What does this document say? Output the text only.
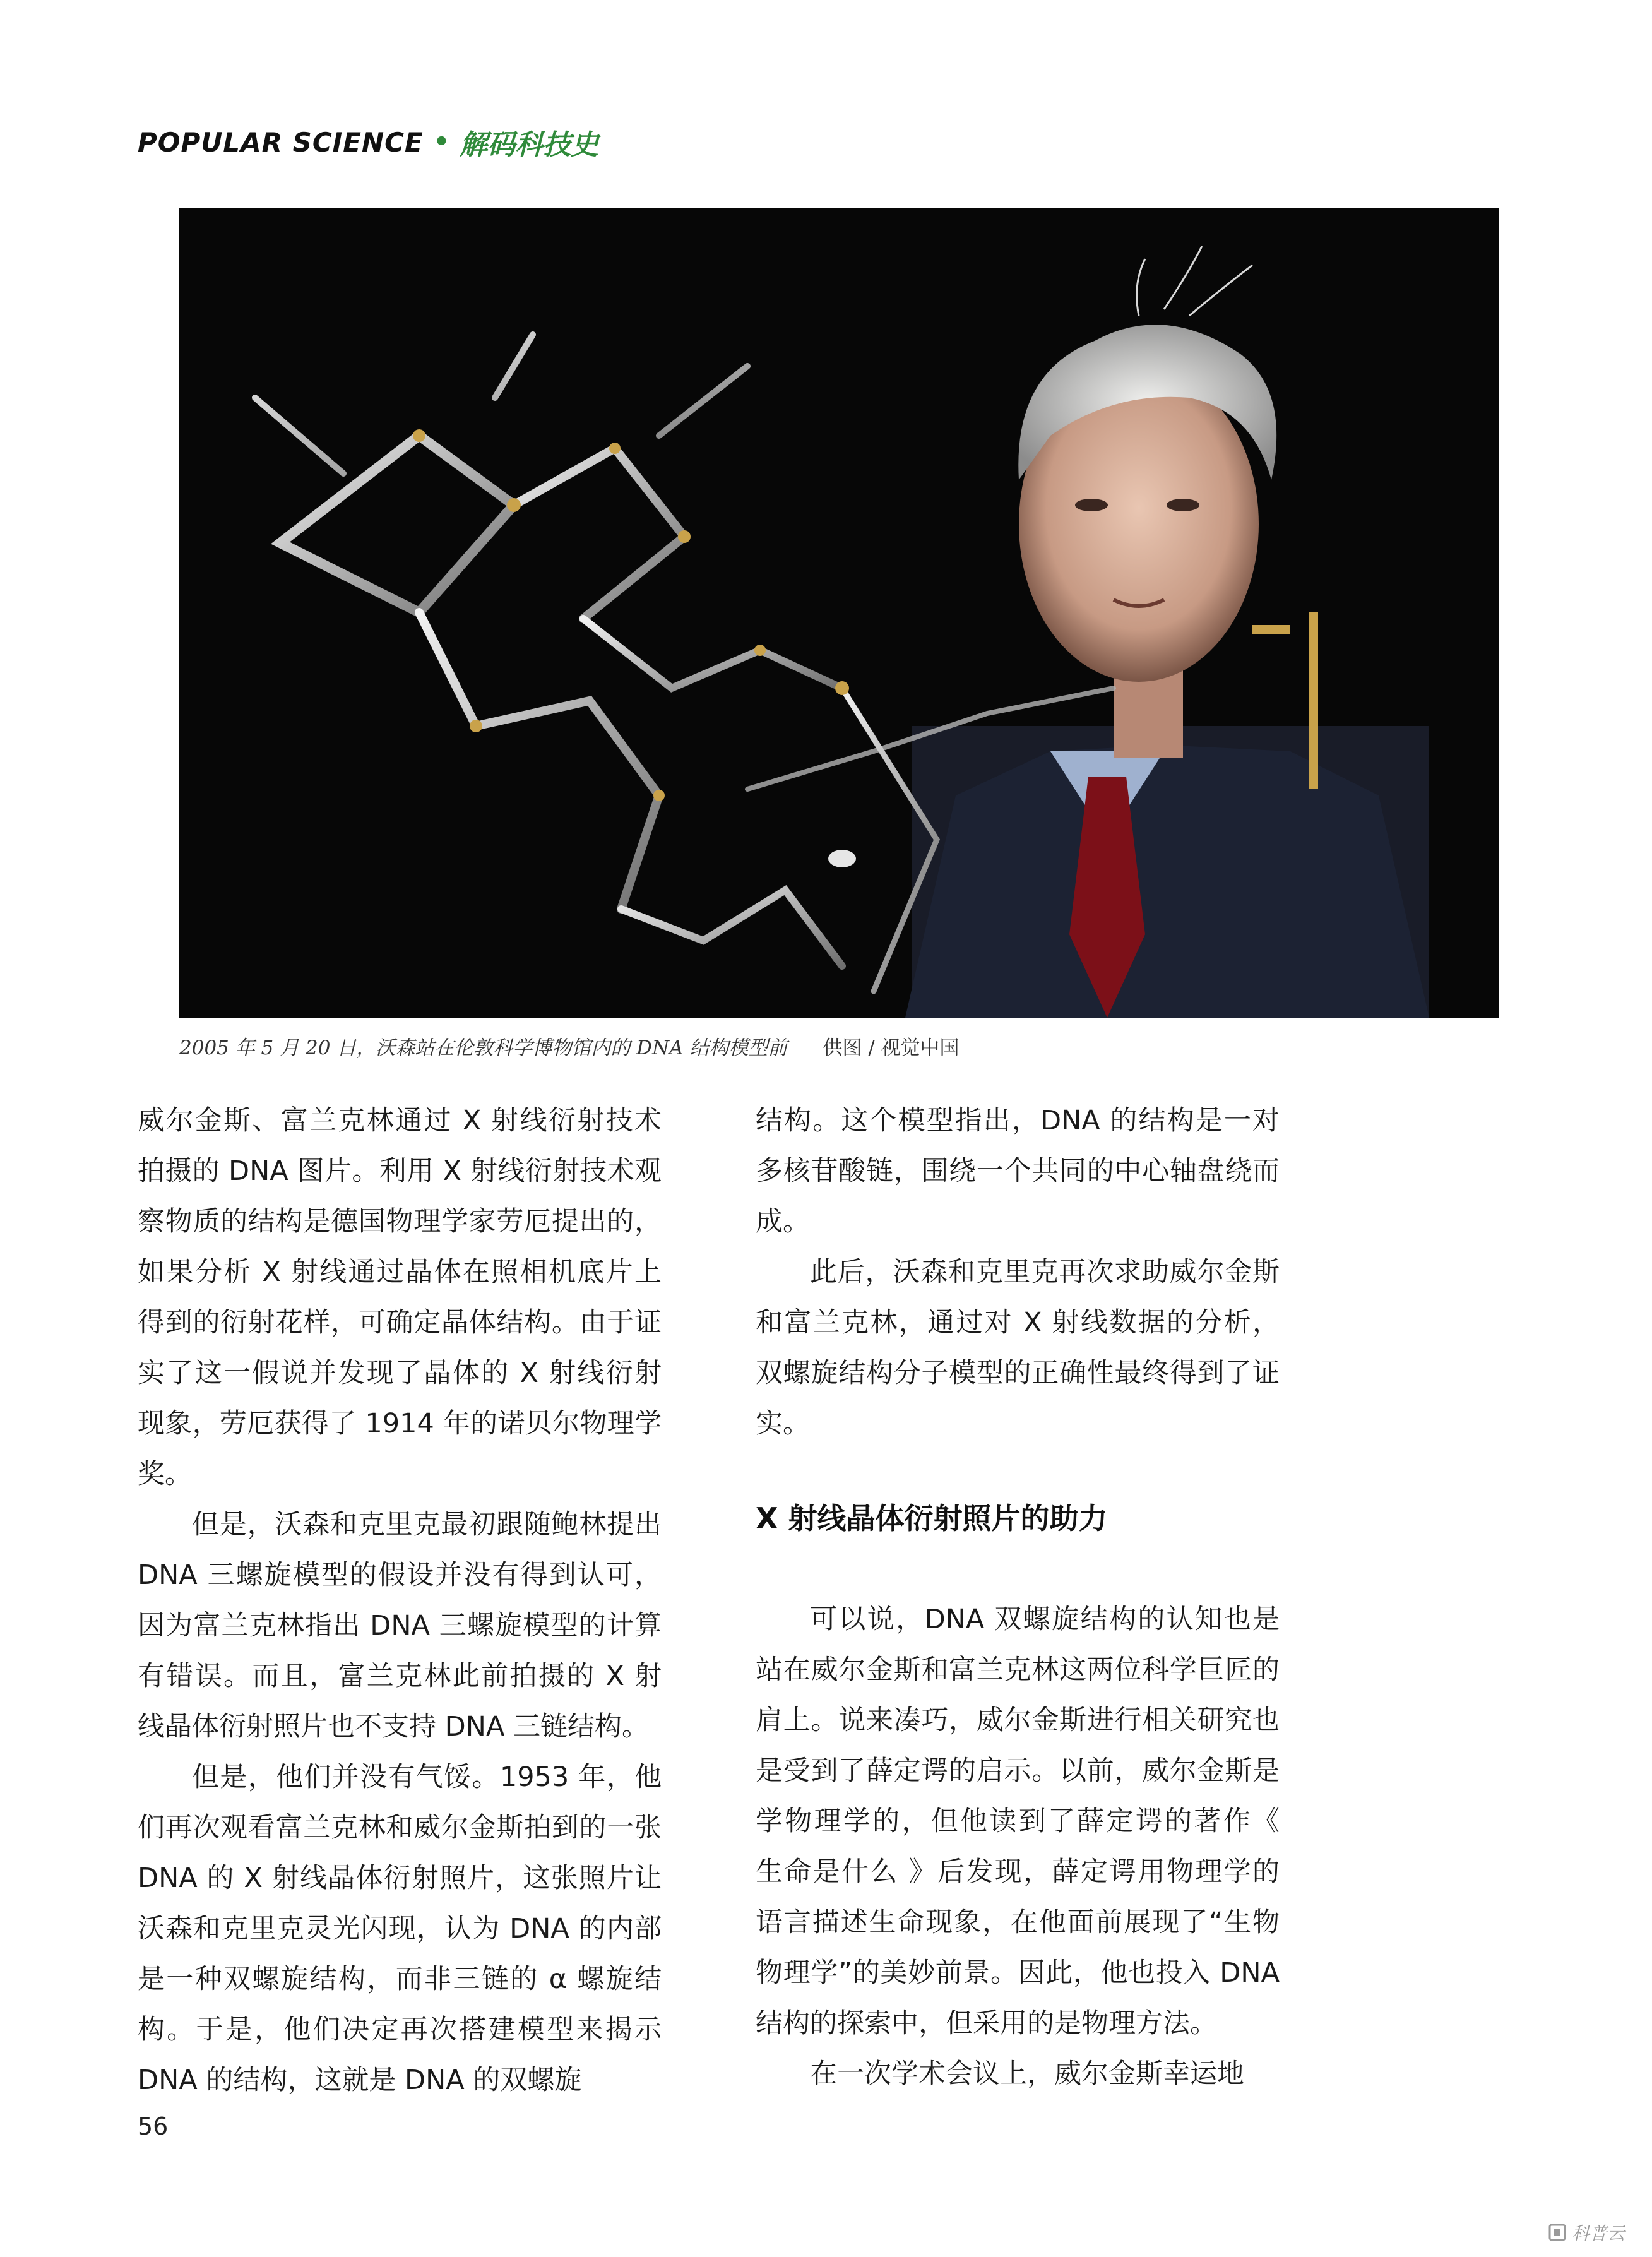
POPULAR SCIENCE • 解码科技史
2005 年 5 月 20 日，沃森站在伦敦科学博物馆内的 DNA 结构模型前 供图 / 视觉中国

威尔金斯、富兰克林通过 X 射线衍射技术拍摄的 DNA 图片。利用 X 射线衍射技术观察物质的结构是德国物理学家劳厄提出的，如果分析 X 射线通过晶体在照相机底片上得到的衍射花样，可确定晶体结构。由于证实了这一假说并发现了晶体的 X 射线衍射现象，劳厄获得了 1914 年的诺贝尔物理学奖。

但是，沃森和克里克最初跟随鲍林提出 DNA 三螺旋模型的假设并没有得到认可，因为富兰克林指出 DNA 三螺旋模型的计算有错误。而且，富兰克林此前拍摄的 X 射线晶体衍射照片也不支持 DNA 三链结构。

但是，他们并没有气馁。1953 年，他们再次观看富兰克林和威尔金斯拍到的一张 DNA 的 X 射线晶体衍射照片，这张照片让沃森和克里克灵光闪现，认为 DNA 的内部是一种双螺旋结构，而非三链的 α 螺旋结构。于是，他们决定再次搭建模型来揭示 DNA 的结构，这就是 DNA 的双螺旋

结构。这个模型指出，DNA 的结构是一对多核苷酸链，围绕一个共同的中心轴盘绕而成。

此后，沃森和克里克再次求助威尔金斯和富兰克林，通过对 X 射线数据的分析，双螺旋结构分子模型的正确性最终得到了证实。

X 射线晶体衍射照片的助力

可以说，DNA 双螺旋结构的认知也是站在威尔金斯和富兰克林这两位科学巨匠的肩上。说来凑巧，威尔金斯进行相关研究也是受到了薛定谔的启示。以前，威尔金斯是学物理学的，但他读到了薛定谔的著作《 生命是什么 》后发现，薛定谔用物理学的语言描述生命现象，在他面前展现了“生物物理学”的美妙前景。因此，他也投入 DNA 结构的探索中，但采用的是物理方法。

在一次学术会议上，威尔金斯幸运地

56
科普云
